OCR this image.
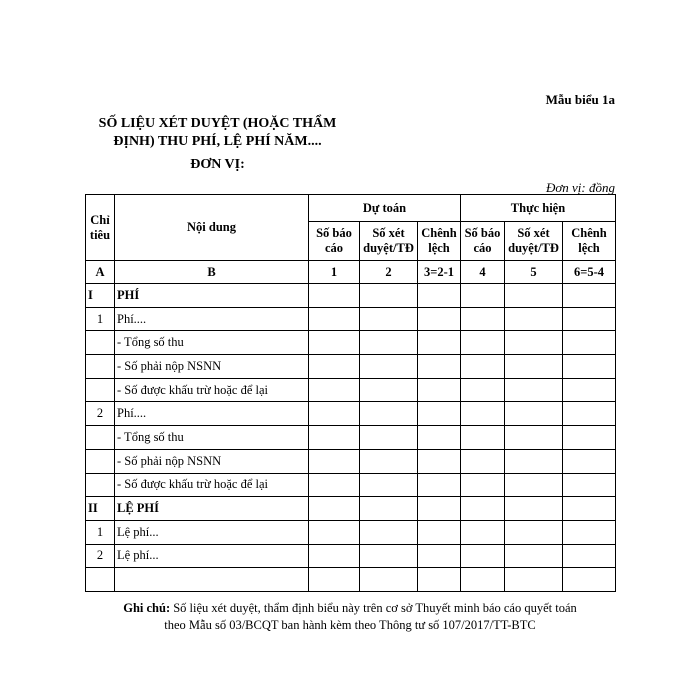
Mẫu biểu 1a
SỐ LIỆU XÉT DUYỆT (HOẶC THẨM
ĐỊNH) THU PHÍ, LỆ PHÍ NĂM....
ĐƠN VỊ:
Đơn vị: đồng
Chỉ tiêu	Nội dung	Dự toán			Thực hiện		
		Số báo cáo	Số xét duyệt/TĐ	Chênh lệch	Số báo cáo	Số xét duyệt/TĐ	Chênh lệch
A	B	1	2	3=2-1	4	5	6=5-4
I	PHÍ						
1	Phí....						
	- Tổng số thu						
	- Số phải nộp NSNN						
	- Số được khấu trừ hoặc để lại						
2	Phí....						
	- Tổng số thu						
	- Số phải nộp NSNN						
	- Số được khấu trừ hoặc để lại						
II	LỆ PHÍ						
1	Lệ phí...						
2	Lệ phí...						

Ghi chú: Số liệu xét duyệt, thẩm định biểu này trên cơ sở Thuyết minh báo cáo quyết toán
theo Mẫu số 03/BCQT ban hành kèm theo Thông tư số 107/2017/TT-BTC
